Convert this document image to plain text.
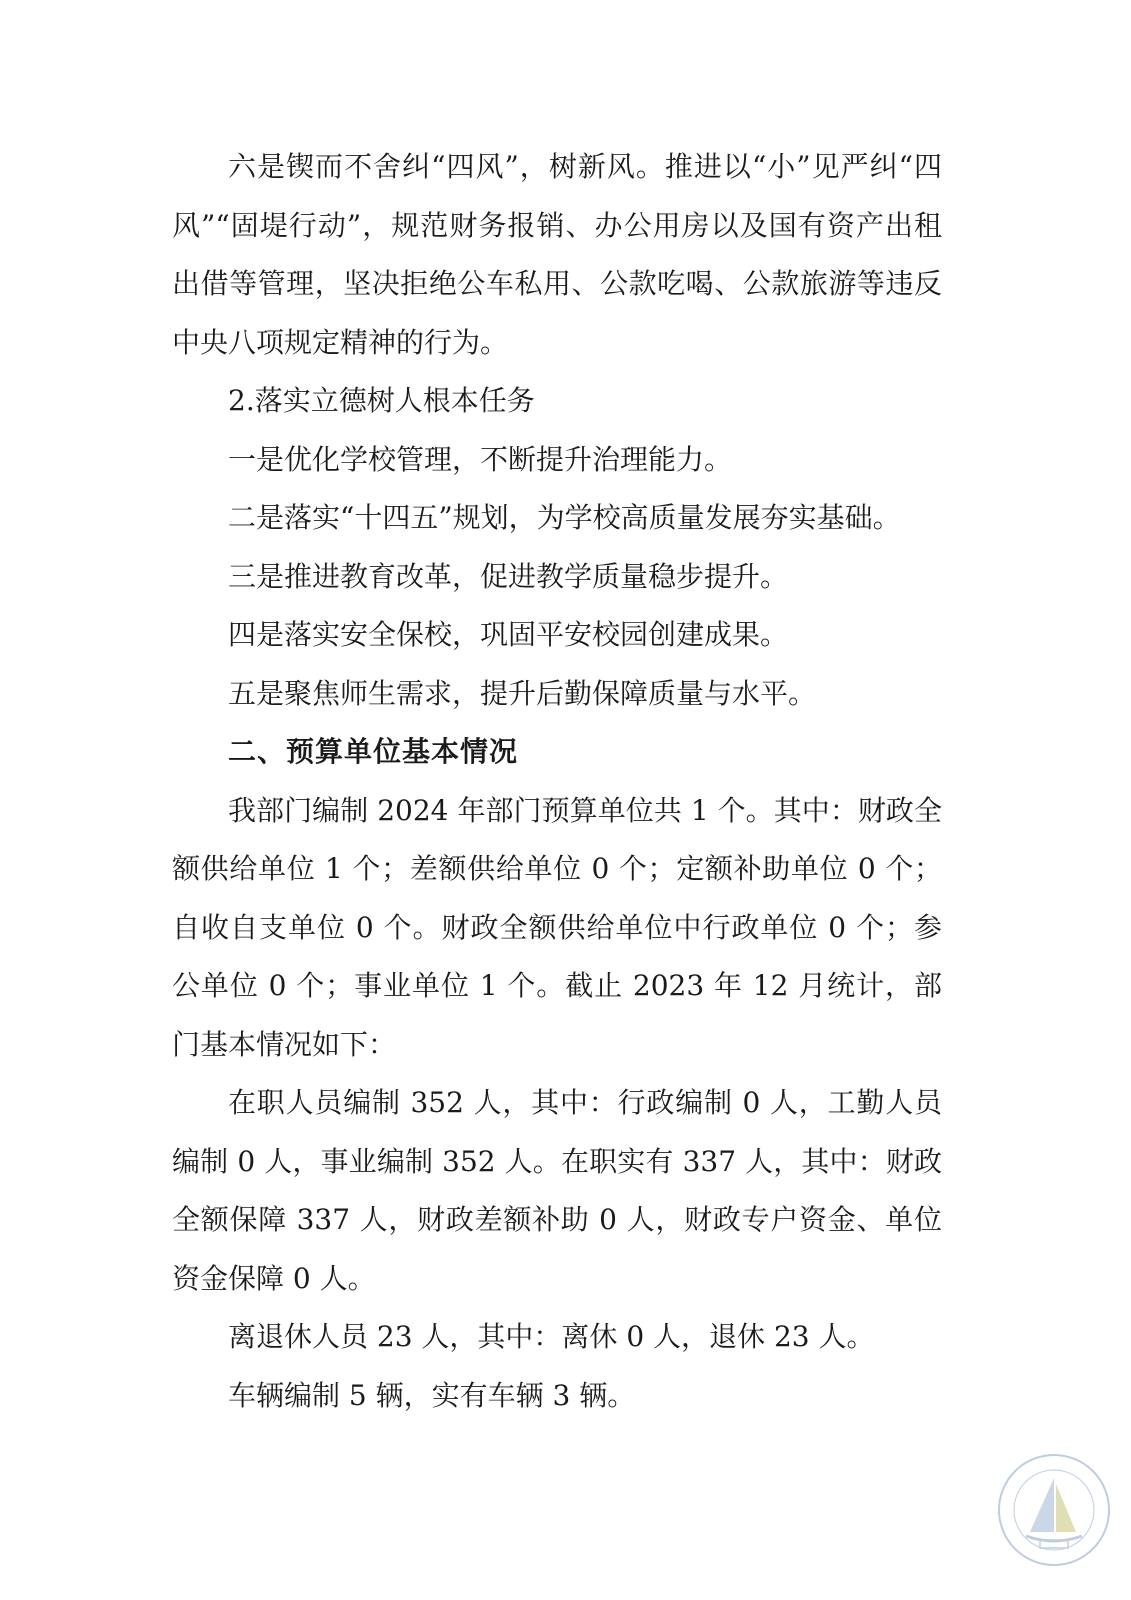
六是锲而不舍纠“四风”，树新风。推进以“小”见严纠“四风”“固堤行动”，规范财务报销、办公用房以及国有资产出租出借等管理，坚决拒绝公车私用、公款吃喝、公款旅游等违反中央八项规定精神的行为。

2.落实立德树人根本任务

一是优化学校管理，不断提升治理能力。

二是落实“十四五”规划，为学校高质量发展夯实基础。

三是推进教育改革，促进教学质量稳步提升。

四是落实安全保校，巩固平安校园创建成果。

五是聚焦师生需求，提升后勤保障质量与水平。

二、预算单位基本情况

我部门编制 2024 年部门预算单位共 1 个。其中：财政全额供给单位 1 个；差额供给单位 0 个；定额补助单位 0 个；自收自支单位 0 个。财政全额供给单位中行政单位 0 个；参公单位 0 个；事业单位 1 个。截止 2023 年 12 月统计，部门基本情况如下：

在职人员编制 352 人，其中：行政编制 0 人，工勤人员编制 0 人，事业编制 352 人。在职实有 337 人，其中：财政全额保障 337 人，财政差额补助 0 人，财政专户资金、单位资金保障 0 人。

离退休人员 23 人，其中：离休 0 人，退休 23 人。

车辆编制 5 辆，实有车辆 3 辆。
